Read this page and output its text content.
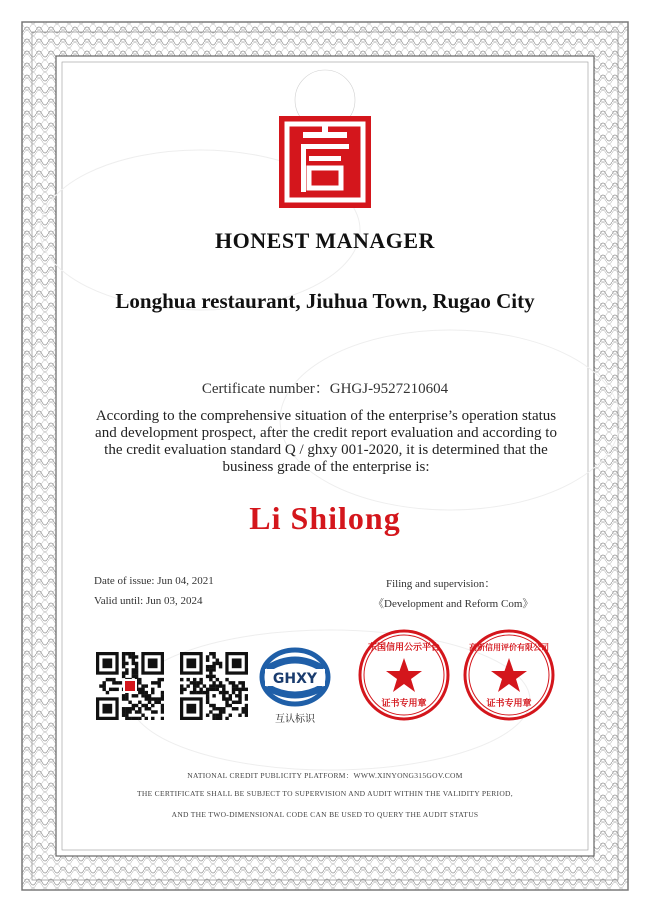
HONEST MANAGER
Longhua restaurant, Jiuhua Town, Rugao City
Certificate number：GHGJ-9527210604
According to the comprehensive situation of the enterprise’s operation status and development prospect, after the credit report evaluation and according to the credit evaluation standard Q / ghxy 001-2020, it is determined that the business grade of the enterprise is:
Li Shilong
Date of issue: Jun 04, 2021
Valid until: Jun 03, 2024
Filing and supervision：
《Development and Reform Com》
GHXY
互认标识
东国信用公示平台
证书专用章
高新信用评价有限公司
证书专用章
NATIONAL CREDIT PUBLICITY PLATFORM：WWW.XINYONG315GOV.COM
THE CERTIFICATE SHALL BE SUBJECT TO SUPERVISION AND AUDIT WITHIN THE VALIDITY PERIOD,
AND THE TWO-DIMENSIONAL CODE CAN BE USED TO QUERY THE AUDIT STATUS
